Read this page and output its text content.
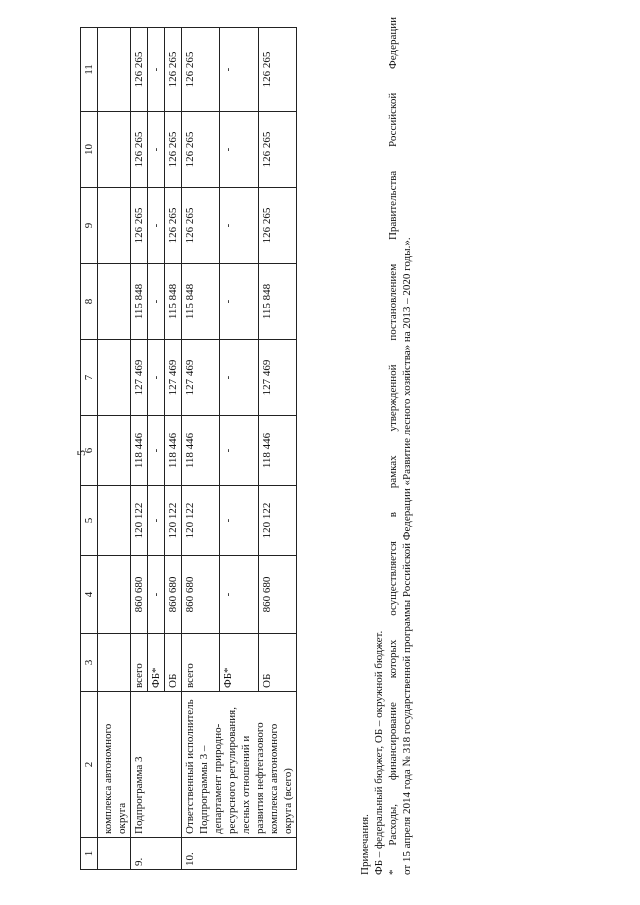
5
1	2	3	4	5	6	7	8	9	10	11
	комплекса автономного округа									
9.	Подпрограмма 3	всего	860 680	120 122	118 446	127 469	115 848	126 265	126 265	126 265
		ФБ*	-	-	-	-	-	-	-	-
		ОБ	860 680	120 122	118 446	127 469	115 848	126 265	126 265	126 265
10.	Ответственный исполнитель Подпрограммы 3 – департамент природно-ресурсного регулирования, лесных отношений и развития нефтегазового комплекса автономного округа (всего)	всего	860 680	120 122	118 446	127 469	115 848	126 265	126 265	126 265
		ФБ*	-	-	-	-	-	-	-	-
		ОБ	860 680	120 122	118 446	127 469	115 848	126 265	126 265	126 265

Примечания. ФБ – федеральный бюджет, ОБ – окружной бюджет. * Расходы, финансирование которых осуществляется в рамках утвержденной постановлением Правительства Российской Федерации от 15 апреля 2014 года № 318 государственной программы Российской Федерации «Развитие лесного хозяйства» на 2013 – 2020 годы.».
